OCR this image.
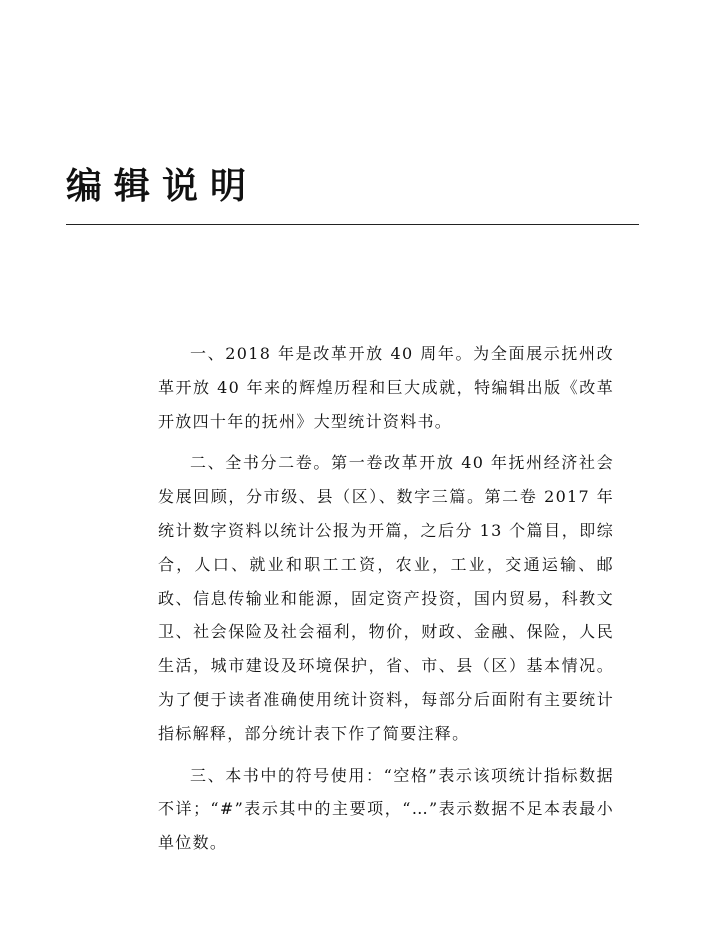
编辑说明

一、2018 年是改革开放 40 周年。为全面展示抚州改革开放 40 年来的辉煌历程和巨大成就，特编辑出版《改革开放四十年的抚州》大型统计资料书。

二、全书分二卷。第一卷改革开放 40 年抚州经济社会发展回顾，分市级、县（区）、数字三篇。第二卷 2017 年统计数字资料以统计公报为开篇，之后分 13 个篇目，即综合，人口、就业和职工工资，农业，工业，交通运输、邮政、信息传输业和能源，固定资产投资，国内贸易，科教文卫、社会保险及社会福利，物价，财政、金融、保险，人民生活，城市建设及环境保护，省、市、县（区）基本情况。为了便于读者准确使用统计资料，每部分后面附有主要统计指标解释，部分统计表下作了简要注释。

三、本书中的符号使用：“空格”表示该项统计指标数据不详；“#”表示其中的主要项，“…”表示数据不足本表最小单位数。
